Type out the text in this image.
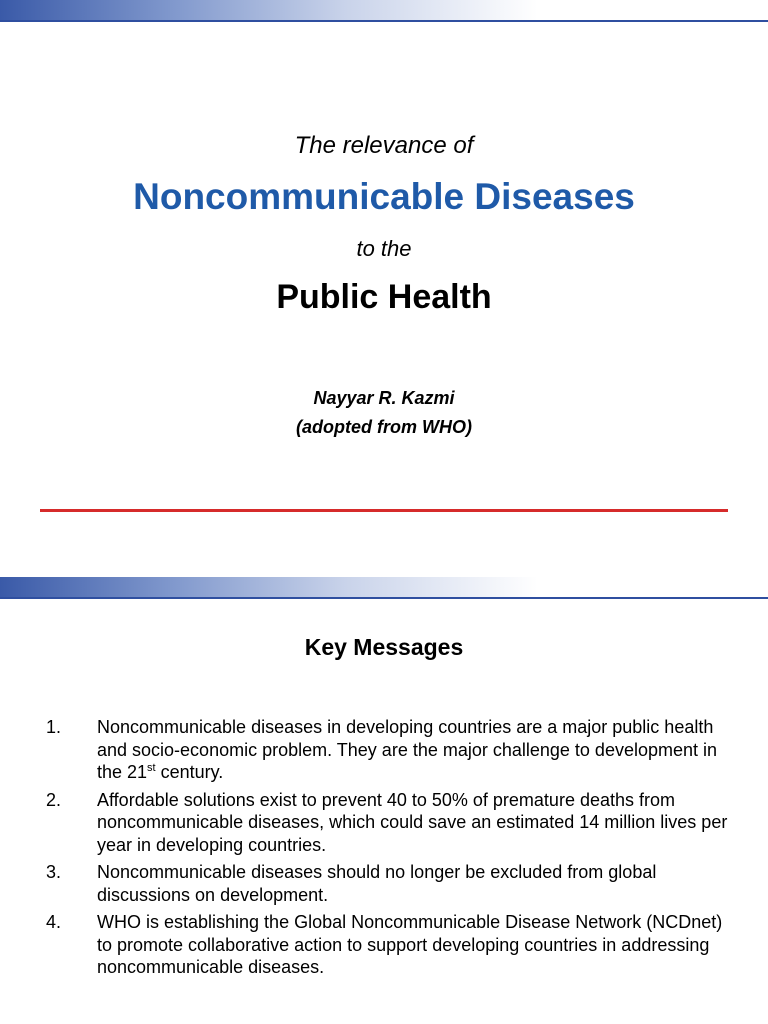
The relevance of
Noncommunicable Diseases
to the
Public Health
Nayyar R. Kazmi
(adopted from WHO)
Key Messages
1. Noncommunicable diseases in developing countries are a major public health and socio-economic problem. They are the major challenge to development in the 21st century.
2. Affordable solutions exist to prevent 40 to 50% of premature deaths from noncommunicable diseases, which could save an estimated 14 million lives per year in developing countries.
3. Noncommunicable diseases should no longer be excluded from global discussions on development.
4. WHO is establishing the Global Noncommunicable Disease Network (NCDnet) to promote collaborative action to support developing countries in addressing noncommunicable diseases.
